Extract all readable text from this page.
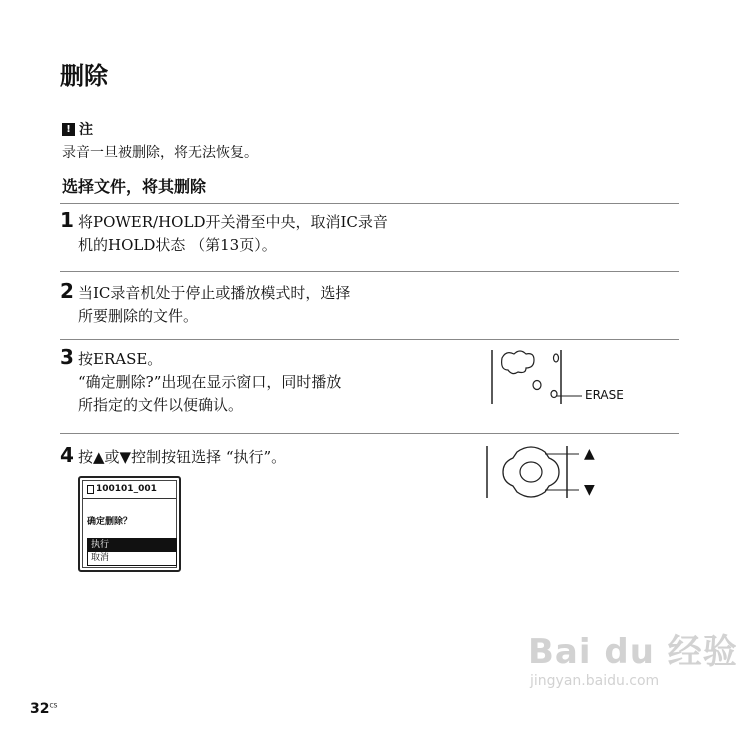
删除
! 注
录音一旦被删除，将无法恢复。
选择文件，将其删除
1 将POWER/HOLD开关滑至中央，取消IC录音
机的HOLD状态 （第13页）。
2 当IC录音机处于停止或播放模式时，选择
所要删除的文件。
3 按ERASE。
“确定删除?”出现在显示窗口，同时播放
所指定的文件以便确认。
ERASE
4 按▲或▼控制按钮选择 “执行”。	▲
▼
100101_001
确定删除？
执行
取消
Bai du 经验
jingyan.baidu.com
$32^{CS}$
